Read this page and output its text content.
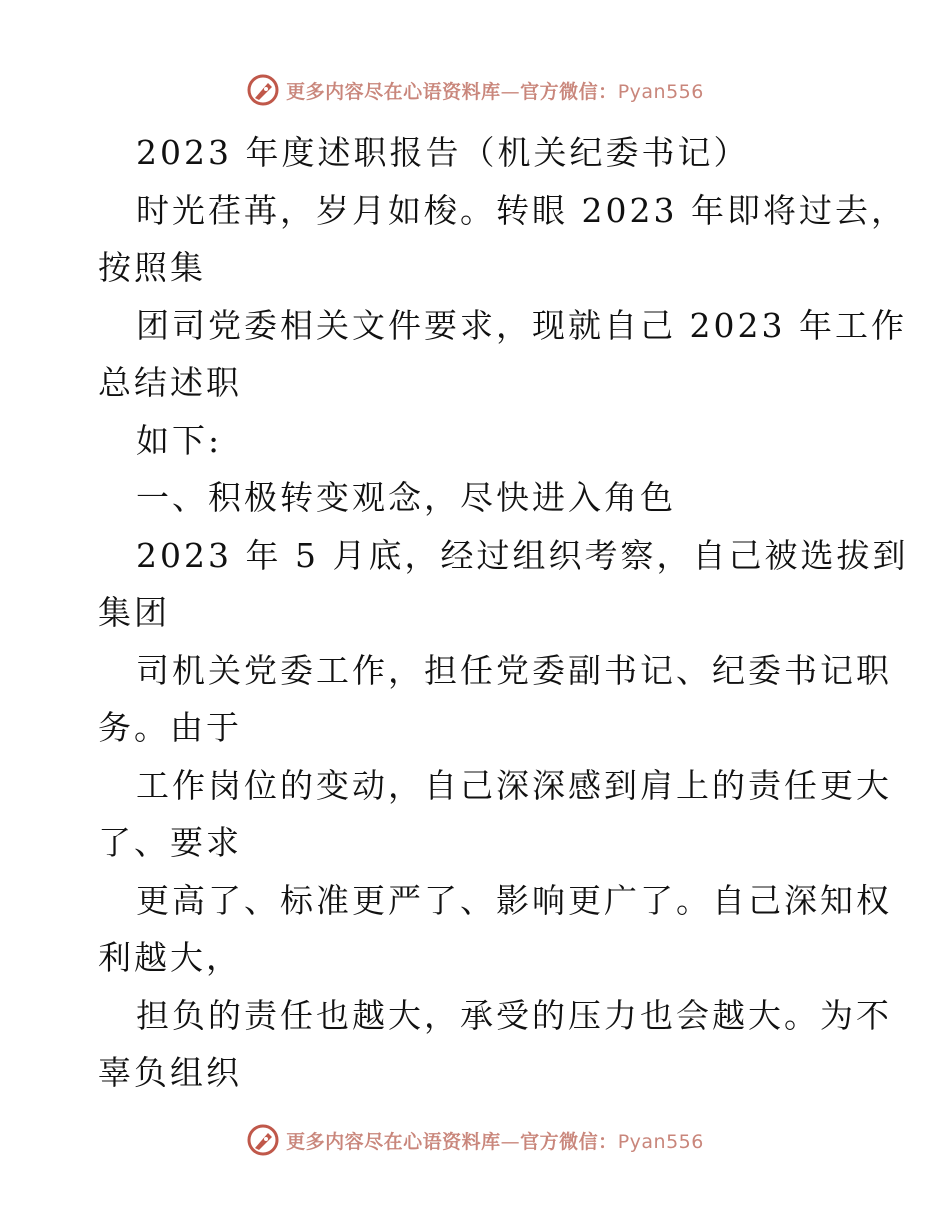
更多内容尽在心语资料库—官方微信：Pyan556
2023 年度述职报告（机关纪委书记）
时光荏苒，岁月如梭。转眼 2023 年即将过去，
按照集
团司党委相关文件要求，现就自己 2023 年工作
总结述职
如下:
一、积极转变观念，尽快进入角色
2023 年 5 月底，经过组织考察，自己被选拔到
集团
司机关党委工作，担任党委副书记、纪委书记职
务。由于
工作岗位的变动，自己深深感到肩上的责任更大
了、要求
更高了、标准更严了、影响更广了。自己深知权
利越大，
担负的责任也越大，承受的压力也会越大。为不
辜负组织
更多内容尽在心语资料库—官方微信：Pyan556
